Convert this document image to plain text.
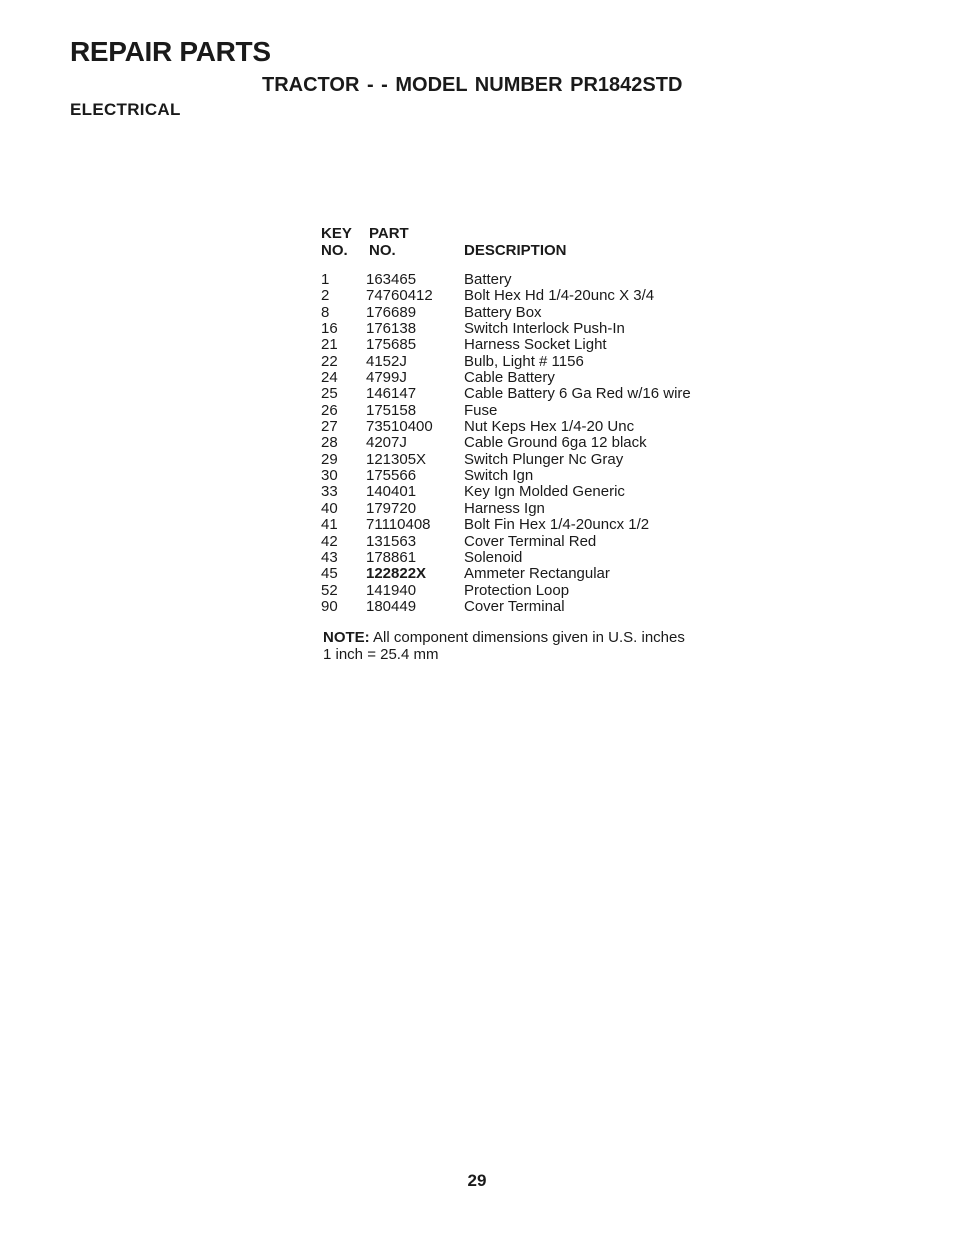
REPAIR PARTS
TRACTOR - - MODEL NUMBER PR1842STD
ELECTRICAL
KEY
NO.
PART
NO.	DESCRIPTION
1 163465	Battery
2 74760412 Bolt Hex Hd 1/4-20unc X 3/4
8 176689	Battery Box
16 176138	Switch Interlock Push-In
21 175685	Harness Socket Light
22 4152J	Bulb, Light # 1156
24 4799J	Cable Battery
25 146147	Cable Battery 6 Ga Red w/16 wire
26 175158	Fuse
27 73510400 Nut Keps Hex 1/4-20 Unc
28 4207J	Cable Ground 6ga 12 black
29 121305X	Switch Plunger Nc Gray
30 175566	Switch Ign
33 140401	Key Ign Molded Generic
40 179720	Harness Ign
41 71110408 Bolt Fin Hex 1/4-20uncx 1/2
42 131563	Cover Terminal Red
43 178861	Solenoid
45 122822X	Ammeter Rectangular
52 141940	Protection Loop
90 180449	Cover Terminal
NOTE: All component dimensions given in U.S. inches
1 inch = 25.4 mm
29
